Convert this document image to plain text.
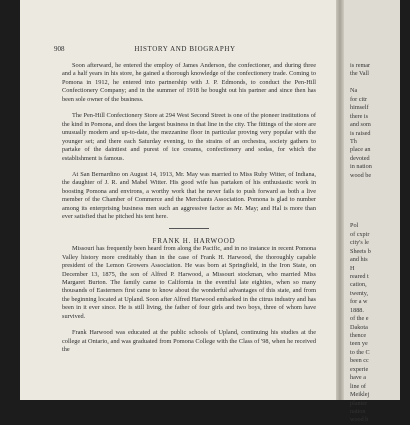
908	HISTORY AND BIOGRAPHY

Soon afterward, he entered the employ of James Anderson, the confectioner, and during three and a half years in his store, he gained a thorough knowledge of the confectionery trade. Coming to Pomona in 1912, he entered into partnership with J. P. Edmonds, to conduct the Pen-Hill Confectionery Company; and in the summer of 1918 he bought out his partner and since then has been sole owner of the business.

The Pen-Hill Confectionery Store at 294 West Second Street is one of the pioneer institutions of the kind in Pomona, and does the largest business in that line in the city. The fittings of the store are unusually modern and up-to-date, the mezzanine floor in particular proving very popular with the younger set; and there each Saturday evening, to the strains of an orchestra, society gathers to partake of the daintiest and purest of ice creams, confectionery and sodas, for which the establishment is famous.

At San Bernardino on August 14, 1913, Mr. May was married to Miss Ruby Witter, of Indiana, the daughter of J. R. and Mabel Witter. His good wife has partaken of his enthusiastic work in boosting Pomona and environs, a worthy work that he never fails to push forward as both a live member of the Chamber of Commerce and the Merchants Association. Pomona is glad to number among its enterprising business men such an aggressive factor as Mr. May; and Hal is more than ever satisfied that he pitched his tent here.

FRANK H. HARWOOD

Missouri has frequently been heard from along the Pacific, and in no instance in recent Pomona Valley history more creditably than in the case of Frank H. Harwood, the thoroughly capable president of the Lemon Growers Association. He was born at Springfield, in the Iron State, on December 13, 1875, the son of Alfred P. Harwood, a Missouri stockman, who married Miss Margaret Burton. The family came to California in the eventful late eighties, when so many thousands of Easterners first came to know about the wonderful advantages of this state, and from the beginning located at Upland. Soon after Alfred Harwood embarked in the citrus industry and has been in it ever since. He is still living, the father of four girls and two boys, three of whom have survived.

Frank Harwood was educated at the public schools of Upland, continuing his studies at the college at Ontario, and was graduated from Pomona College with the Class of '98, when he received the

is remar
the Vall
Na
for citr
himself
there is
and som
is raised
Th
place an
devoted
in nation
wood be
Pol
of cxpir
city's le
Sheets b
and his
H
reared t
cation,
twenty,
for a w
1888.
of the e
Dakota
thence
teen ye
to the C
been cc
experie
have a
line of
Meiklej
planter
nation
wood b
